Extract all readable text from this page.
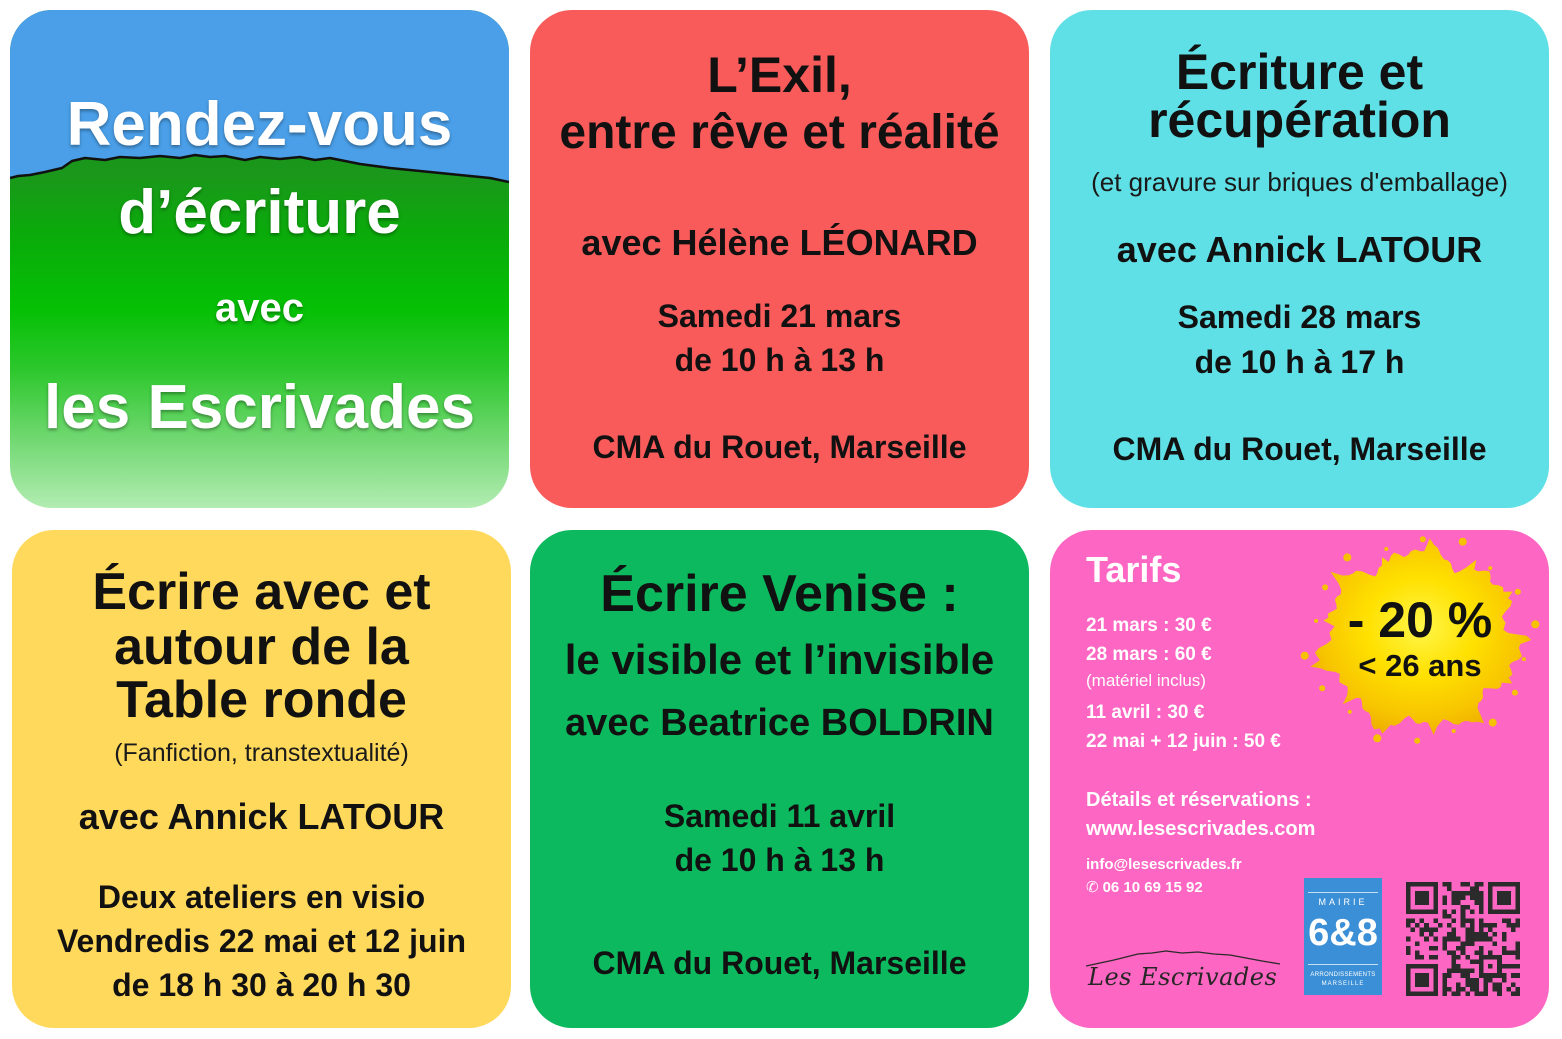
Rendez-vous
d’écriture
avec
les Escrivades
L’Exil,
entre rêve et réalité
avec Hélène LÉONARD
Samedi 21 mars
de 10 h à 13 h
CMA du Rouet, Marseille
Écriture et
récupération
(et gravure sur briques d'emballage)
avec Annick LATOUR
Samedi 28 mars
de 10 h à 17 h
CMA du Rouet, Marseille
Écrire avec et
autour de la
Table ronde
(Fanfiction, transtextualité)
avec Annick LATOUR
Deux ateliers en visio
Vendredis 22 mai et 12 juin
de 18 h 30 à 20 h 30
Écrire Venise :
le visible et l’invisible
avec Beatrice BOLDRIN
Samedi 11 avril
de 10 h à 13 h
CMA du Rouet, Marseille
- 20 %
< 26 ans
Tarifs
21 mars : 30 €
28 mars : 60 €
(matériel inclus)
11 avril : 30 €
22 mai + 12 juin : 50 €
Détails et réservations :
www.lesescrivades.com
info@lesescrivades.fr
✆ 06 10 69 15 92
Les Escrivades
MAIRIE
6&8
ARRONDISSEMENTS
MARSEILLE
